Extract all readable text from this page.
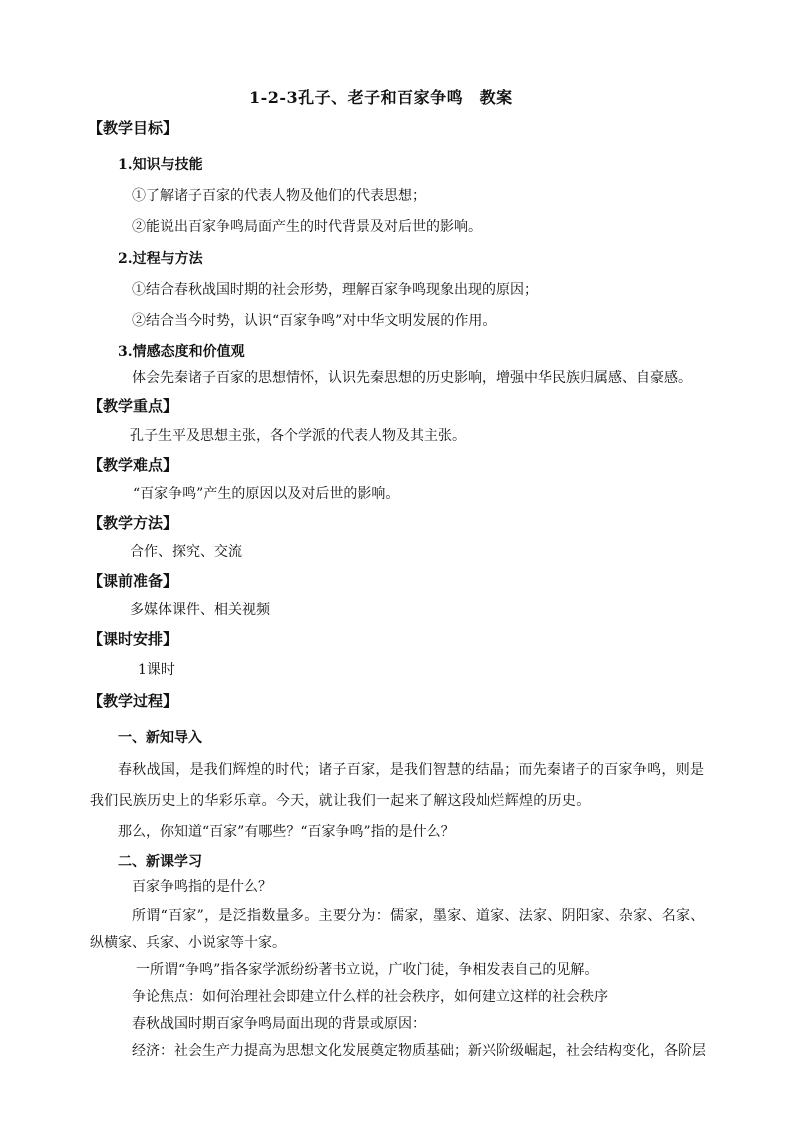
1-2-3孔子、老子和百家争鸣　教案
【教学目标】
1.知识与技能
①了解诸子百家的代表人物及他们的代表思想；
②能说出百家争鸣局面产生的时代背景及对后世的影响。
2.过程与方法
①结合春秋战国时期的社会形势，理解百家争鸣现象出现的原因；
②结合当今时势，认识“百家争鸣”对中华文明发展的作用。
3.情感态度和价值观
体会先秦诸子百家的思想情怀，认识先秦思想的历史影响，增强中华民族归属感、自豪感。
【教学重点】
孔子生平及思想主张，各个学派的代表人物及其主张。
【教学难点】
“百家争鸣”产生的原因以及对后世的影响。
【教学方法】
合作、探究、交流
【课前准备】
多媒体课件、相关视频
【课时安排】
1课时
【教学过程】
一、新知导入
春秋战国，是我们辉煌的时代；诸子百家，是我们智慧的结晶；而先秦诸子的百家争鸣，则是
我们民族历史上的华彩乐章。今天，就让我们一起来了解这段灿烂辉煌的历史。
那么，你知道“百家”有哪些？“百家争鸣”指的是什么？
二、新课学习
百家争鸣指的是什么？
所谓“百家”，是泛指数量多。主要分为：儒家，墨家、道家、法家、阴阳家、杂家、名家、
纵横家、兵家、小说家等十家。
一所谓“争鸣”指各家学派纷纷著书立说，广收门徒，争相发表自己的见解。
争论焦点：如何治理社会即建立什么样的社会秩序，如何建立这样的社会秩序
春秋战国时期百家争鸣局面出现的背景或原因：
经济：社会生产力提高为思想文化发展奠定物质基础；新兴阶级崛起，社会结构变化，各阶层
